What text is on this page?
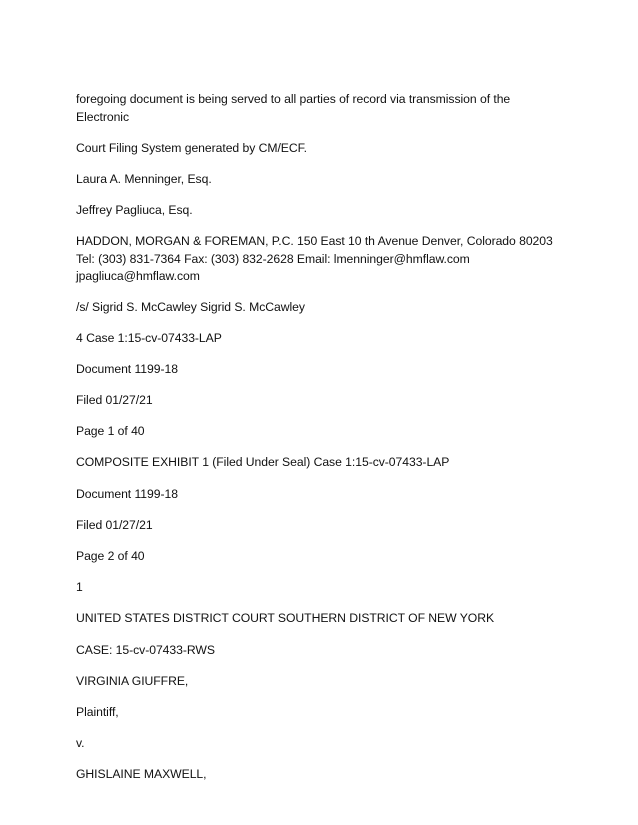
foregoing document is being served to all parties of record via transmission of the Electronic

Court Filing System generated by CM/ECF.

Laura A. Menninger, Esq.

Jeffrey Pagliuca, Esq.

HADDON, MORGAN & FOREMAN, P.C. 150 East 10 th Avenue Denver, Colorado 80203 Tel: (303) 831-7364 Fax: (303) 832-2628 Email: lmenninger@hmflaw.com jpagliuca@hmflaw.com

/s/ Sigrid S. McCawley Sigrid S. McCawley

4 Case 1:15-cv-07433-LAP

Document 1199-18

Filed 01/27/21

Page 1 of 40

COMPOSITE EXHIBIT 1 (Filed Under Seal) Case 1:15-cv-07433-LAP

Document 1199-18

Filed 01/27/21

Page 2 of 40

1

UNITED STATES DISTRICT COURT SOUTHERN DISTRICT OF NEW YORK

CASE: 15-cv-07433-RWS

VIRGINIA GIUFFRE,

Plaintiff,

v.

GHISLAINE MAXWELL,
